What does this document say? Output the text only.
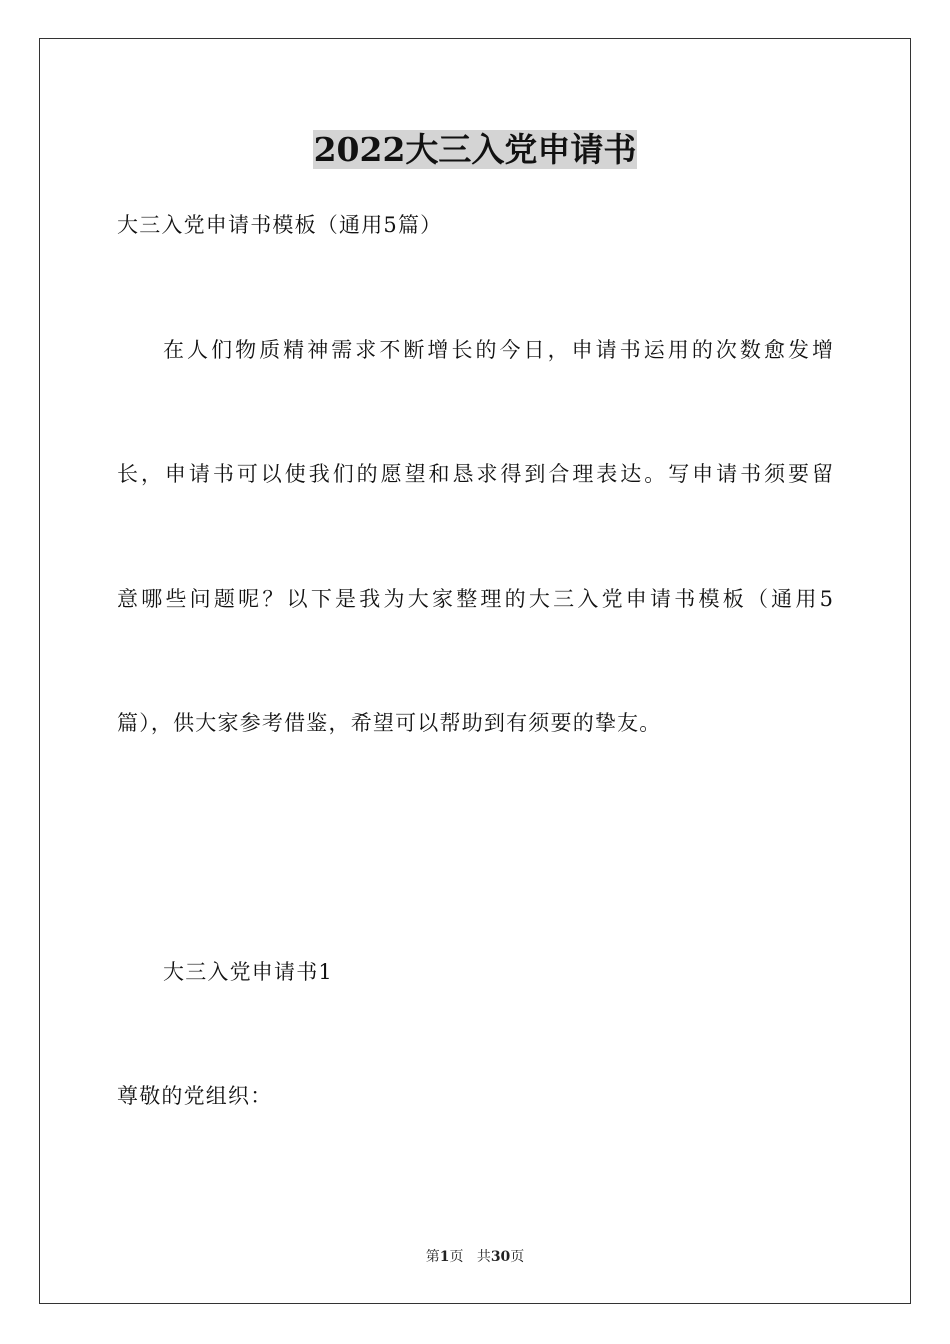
2022大三入党申请书
大三入党申请书模板（通用5篇）
在人们物质精神需求不断增长的今日，申请书运用的次数愈发增
长，申请书可以使我们的愿望和恳求得到合理表达。写申请书须要留
意哪些问题呢？以下是我为大家整理的大三入党申请书模板（通用5
篇），供大家参考借鉴，希望可以帮助到有须要的挚友。
大三入党申请书1
尊敬的党组织：
第1页 共30页
